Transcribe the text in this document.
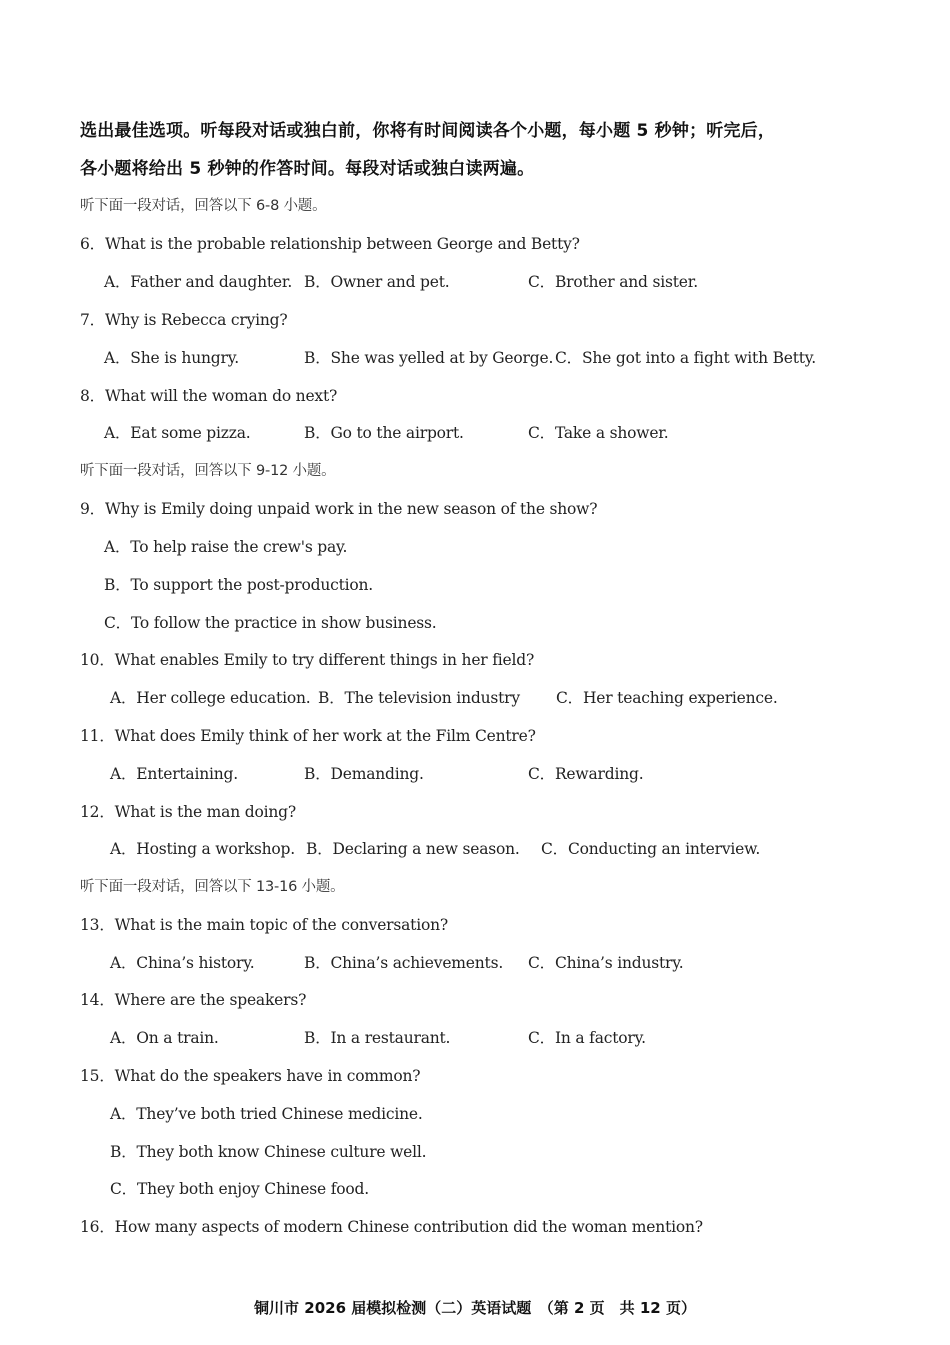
选出最佳选项。听每段对话或独白前，你将有时间阅读各个小题，每小题 5 秒钟；听完后，
各小题将给出 5 秒钟的作答时间。每段对话或独白读两遍。
听下面一段对话，回答以下 6-8 小题。
6．What is the probable relationship between George and Betty?
A．Father and daughter. B．Owner and pet.	C．Brother and sister.
7．Why is Rebecca crying?
A．She is hungry.	B．She was yelled at by George. C．She got into a fight with Betty.
8．What will the woman do next?
A．Eat some pizza.	B．Go to the airport.	C．Take a shower.
听下面一段对话，回答以下 9-12 小题。
9．Why is Emily doing unpaid work in the new season of the show?
A．To help raise the crew's pay.
B．To support the post-production.
C．To follow the practice in show business.
10．What enables Emily to try different things in her field?
A．Her college education. B．The television industry C．Her teaching experience.
11．What does Emily think of her work at the Film Centre?
A．Entertaining.	B．Demanding.	C．Rewarding.
12．What is the man doing?
A．Hosting a workshop. B．Declaring a new season. C．Conducting an interview.
听下面一段对话，回答以下 13-16 小题。
13．What is the main topic of the conversation?
A．China’s history.	B．China’s achievements. C．China’s industry.
14．Where are the speakers?
A．On a train.	B．In a restaurant.	C．In a factory.
15．What do the speakers have in common?
A．They’ve both tried Chinese medicine.
B．They both know Chinese culture well.
C．They both enjoy Chinese food.
16．How many aspects of modern Chinese contribution did the woman mention?
铜川市 2026 届模拟检测（二）英语试题　（第 2 页　共 12 页）
